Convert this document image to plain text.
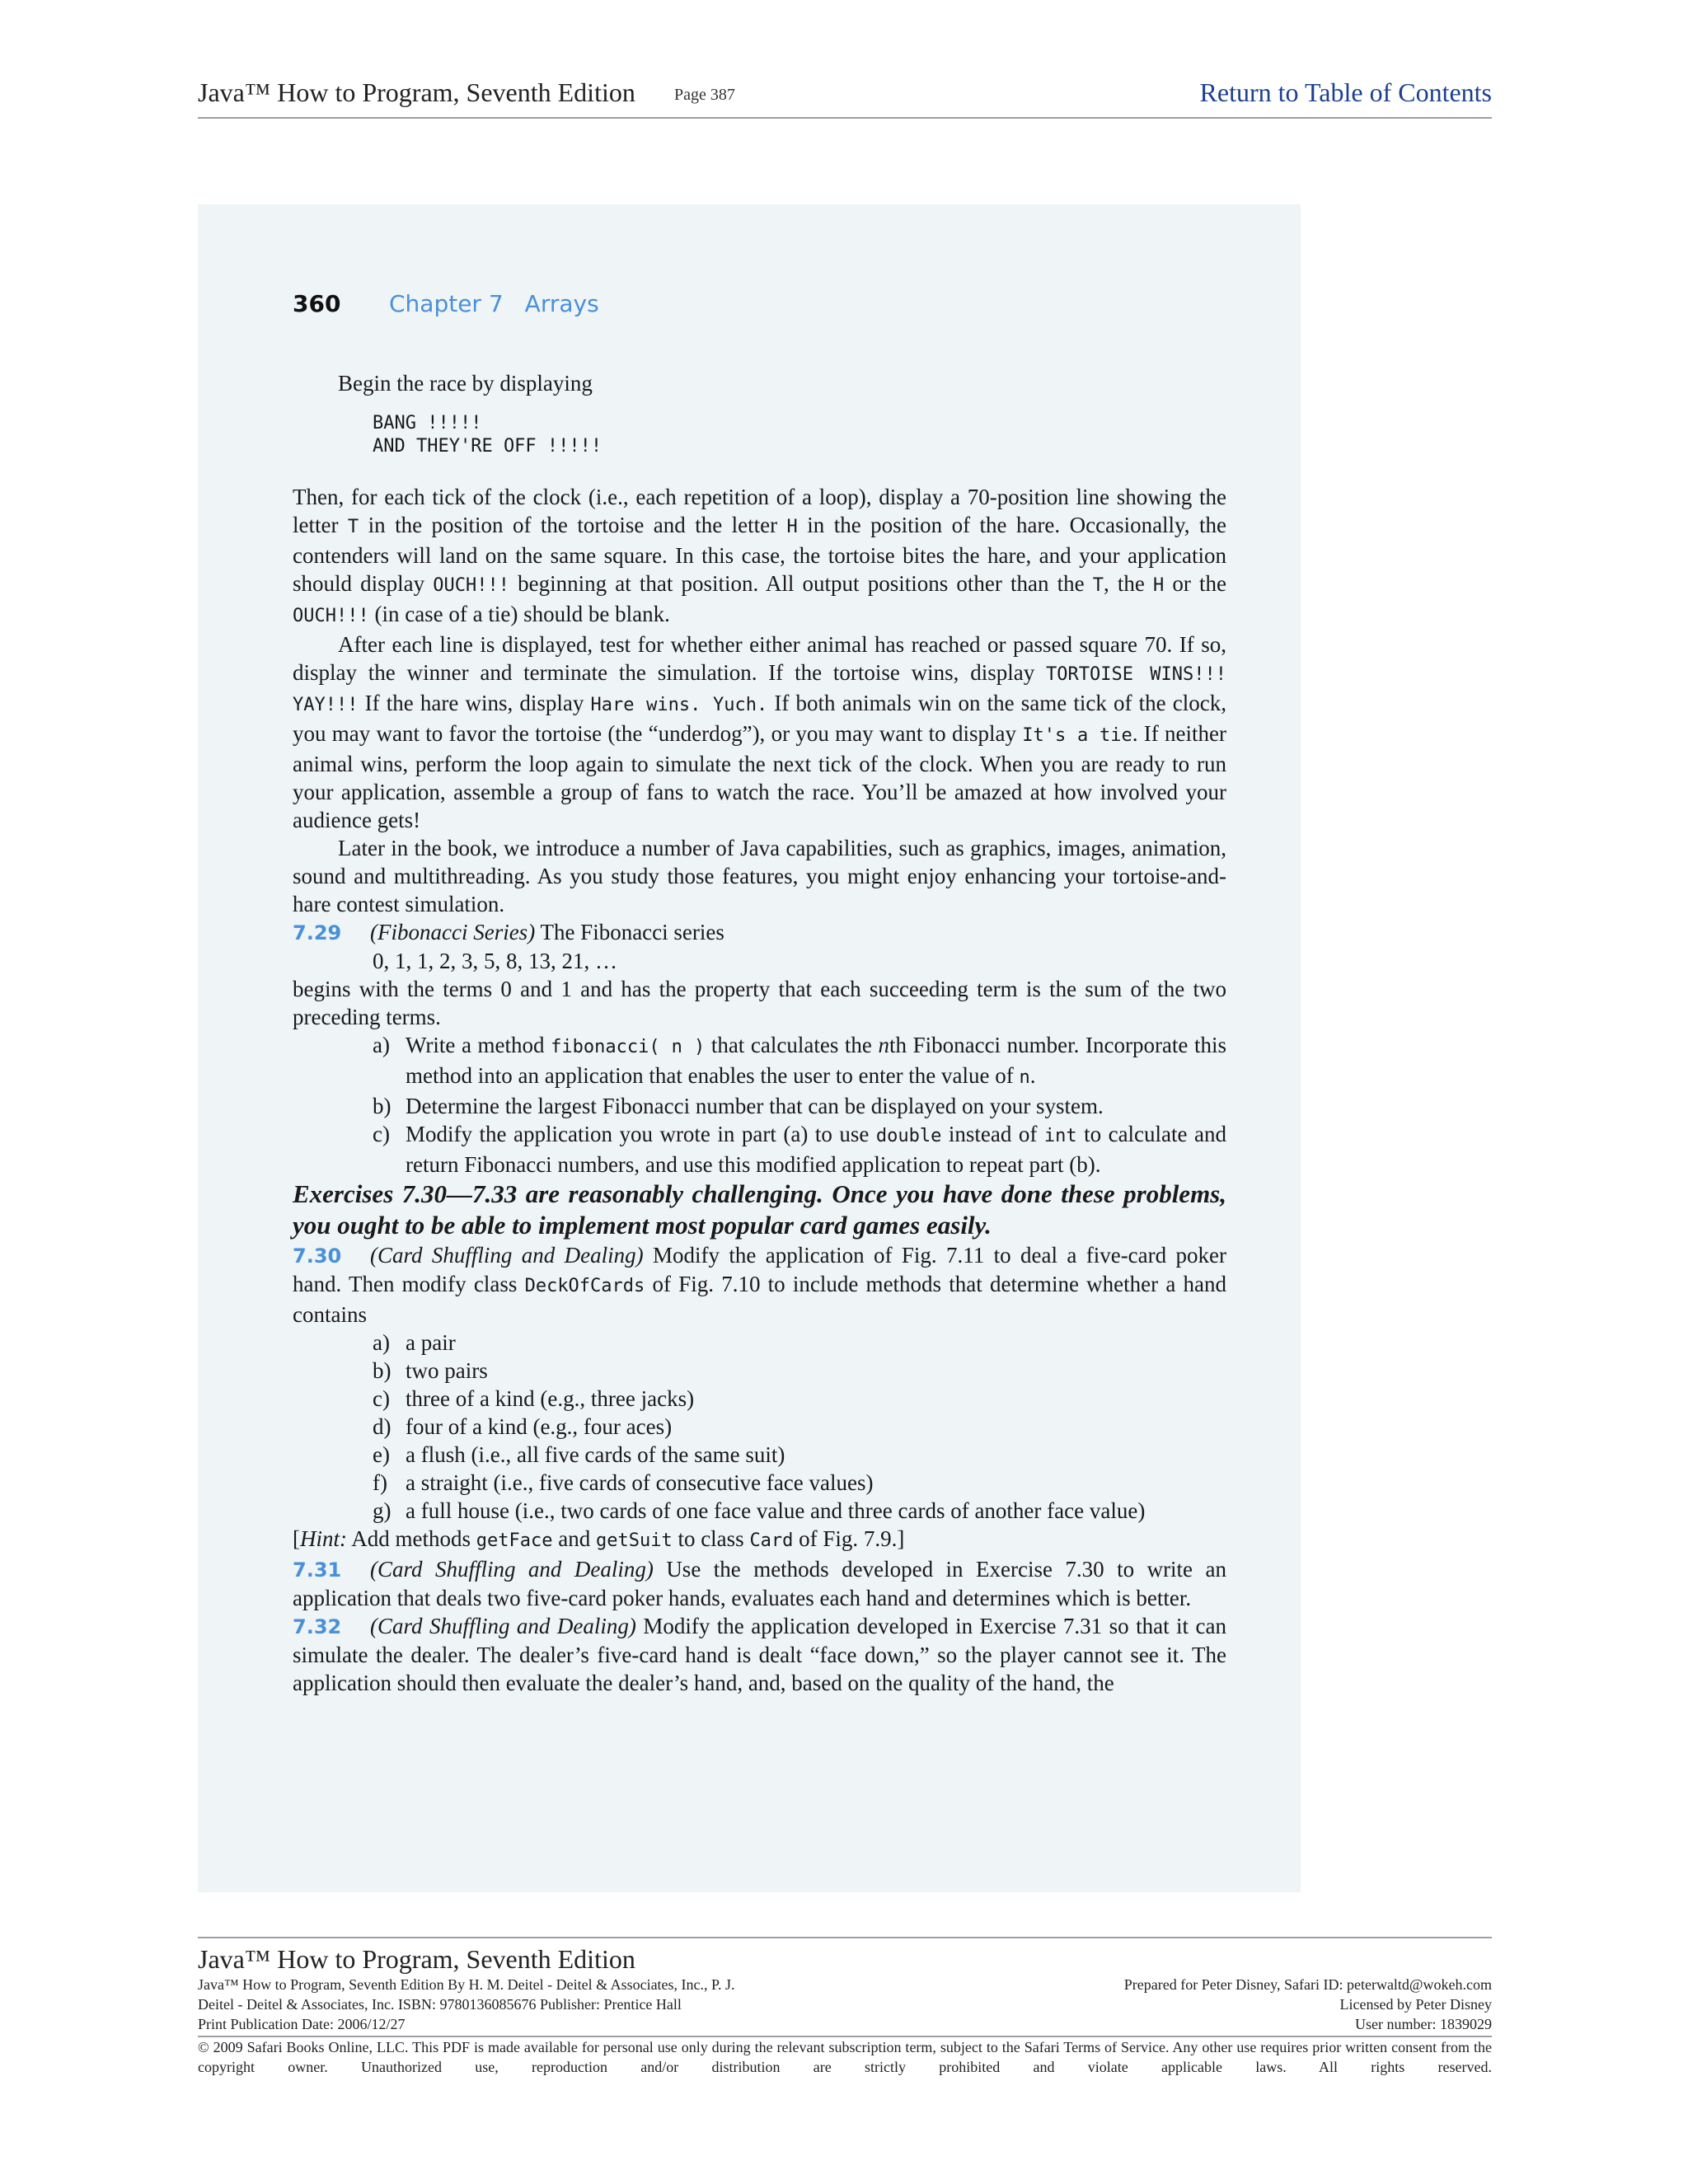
Java™ How to Program, Seventh Edition Page 387	Return to Table of Contents
360 Chapter 7 Arrays

Begin the race by displaying

BANG !!!!!
AND THEY'RE OFF !!!!!

Then, for each tick of the clock (i.e., each repetition of a loop), display a 70-position line showing the letter T in the position of the tortoise and the letter H in the position of the hare. Occasionally, the contenders will land on the same square. In this case, the tortoise bites the hare, and your application should display OUCH!!! beginning at that position. All output positions other than the T, the H or the OUCH!!! (in case of a tie) should be blank.

After each line is displayed, test for whether either animal has reached or passed square 70. If so, display the winner and terminate the simulation. If the tortoise wins, display TORTOISE WINS!!! YAY!!! If the hare wins, display Hare wins. Yuch. If both animals win on the same tick of the clock, you may want to favor the tortoise (the “underdog”), or you may want to display It's a tie. If neither animal wins, perform the loop again to simulate the next tick of the clock. When you are ready to run your application, assemble a group of fans to watch the race. You’ll be amazed at how involved your audience gets!

Later in the book, we introduce a number of Java capabilities, such as graphics, images, animation, sound and multithreading. As you study those features, you might enjoy enhancing your tortoise-and-hare contest simulation.

7.29 (Fibonacci Series) The Fibonacci series

0, 1, 1, 2, 3, 5, 8, 13, 21, …

begins with the terms 0 and 1 and has the property that each succeeding term is the sum of the two preceding terms.

a) Write a method fibonacci( n ) that calculates the nth Fibonacci number. Incorporate this method into an application that enables the user to enter the value of n.
b) Determine the largest Fibonacci number that can be displayed on your system.
c) Modify the application you wrote in part (a) to use double instead of int to calculate and return Fibonacci numbers, and use this modified application to repeat part (b).

Exercises 7.30—7.33 are reasonably challenging. Once you have done these problems, you ought to be able to implement most popular card games easily.

7.30 (Card Shuffling and Dealing) Modify the application of Fig. 7.11 to deal a five-card poker hand. Then modify class DeckOfCards of Fig. 7.10 to include methods that determine whether a hand contains

a) a pair
b) two pairs
c) three of a kind (e.g., three jacks)
d) four of a kind (e.g., four aces)
e) a flush (i.e., all five cards of the same suit)
f) a straight (i.e., five cards of consecutive face values)
g) a full house (i.e., two cards of one face value and three cards of another face value)

[Hint: Add methods getFace and getSuit to class Card of Fig. 7.9.]

7.31 (Card Shuffling and Dealing) Use the methods developed in Exercise 7.30 to write an application that deals two five-card poker hands, evaluates each hand and determines which is better.

7.32 (Card Shuffling and Dealing) Modify the application developed in Exercise 7.31 so that it can simulate the dealer. The dealer’s five-card hand is dealt “face down,” so the player cannot see it. The application should then evaluate the dealer’s hand, and, based on the quality of the hand, the

Java™ How to Program, Seventh Edition
Java™ How to Program, Seventh Edition By H. M. Deitel - Deitel & Associates, Inc., P. J.	Prepared for Peter Disney, Safari ID: peterwaltd@wokeh.com
Deitel - Deitel & Associates, Inc. ISBN: 9780136085676 Publisher: Prentice Hall	Licensed by Peter Disney
Print Publication Date: 2006/12/27	User number: 1839029
© 2009 Safari Books Online, LLC. This PDF is made available for personal use only during the relevant subscription term, subject to the Safari Terms of Service. Any other use requires prior written consent from the copyright owner. Unauthorized use, reproduction and/or distribution are strictly prohibited and violate applicable laws. All rights reserved.
